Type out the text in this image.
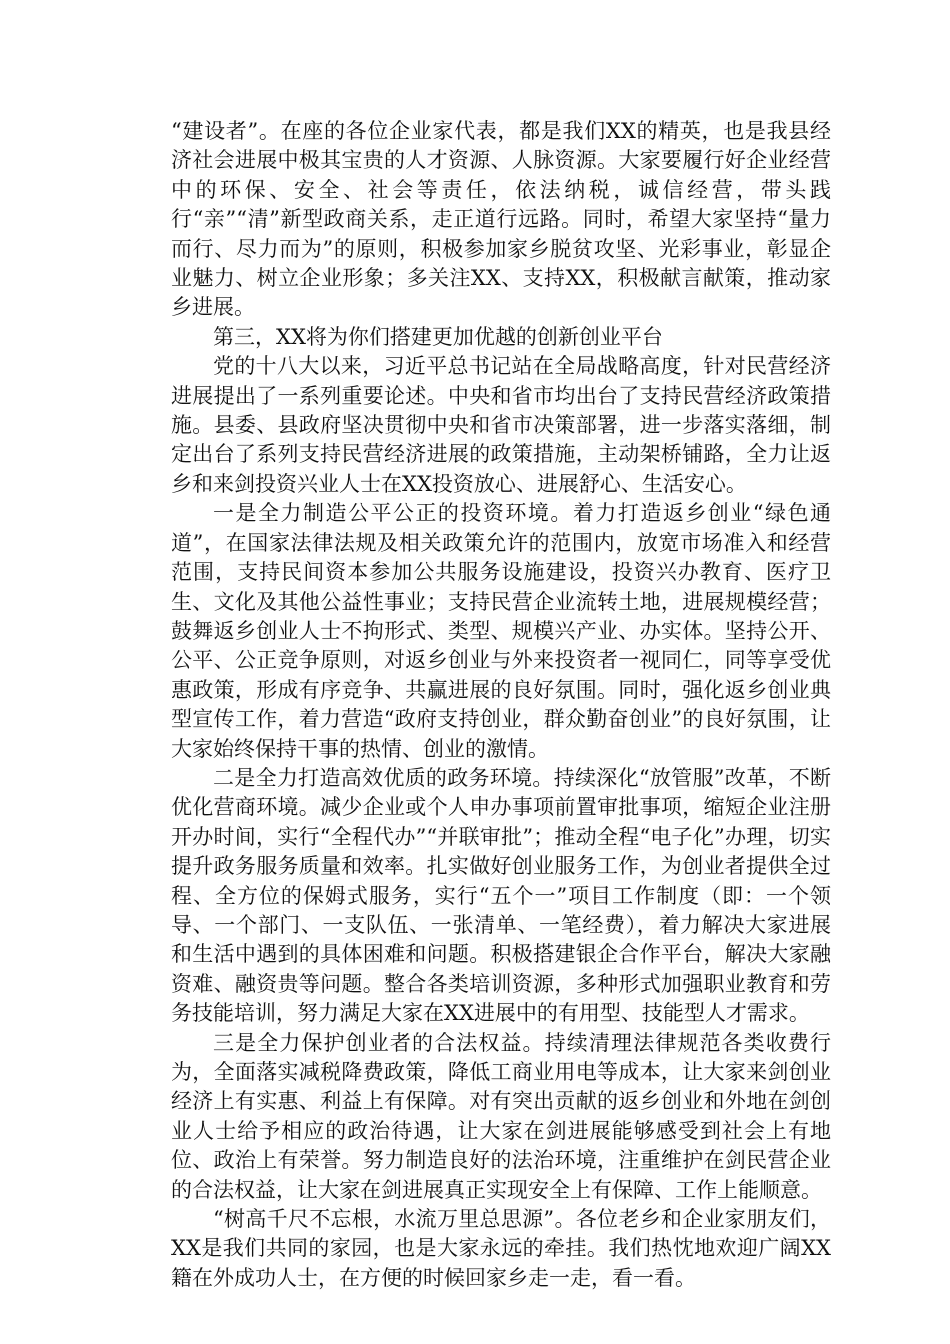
“建设者”。在座的各位企业家代表，都是我们XX的精英，也是我县经济社会进展中极其宝贵的人才资源、人脉资源。大家要履行好企业经营中的环保、安全、社会等责任，依法纳税，诚信经营，带头践行“亲”“清”新型政商关系，走正道行远路。同时，希望大家坚持“量力而行、尽力而为”的原则，积极参加家乡脱贫攻坚、光彩事业，彰显企业魅力、树立企业形象；多关注XX、支持XX，积极献言献策，推动家乡进展。

第三，XX将为你们搭建更加优越的创新创业平台

党的十八大以来，习近平总书记站在全局战略高度，针对民营经济进展提出了一系列重要论述。中央和省市均出台了支持民营经济政策措施。县委、县政府坚决贯彻中央和省市决策部署，进一步落实落细，制定出台了系列支持民营经济进展的政策措施，主动架桥铺路，全力让返乡和来剑投资兴业人士在XX投资放心、进展舒心、生活安心。

一是全力制造公平公正的投资环境。着力打造返乡创业“绿色通道”，在国家法律法规及相关政策允许的范围内，放宽市场准入和经营范围，支持民间资本参加公共服务设施建设，投资兴办教育、医疗卫生、文化及其他公益性事业；支持民营企业流转土地，进展规模经营；鼓舞返乡创业人士不拘形式、类型、规模兴产业、办实体。坚持公开、公平、公正竞争原则，对返乡创业与外来投资者一视同仁，同等享受优惠政策，形成有序竞争、共赢进展的良好氛围。同时，强化返乡创业典型宣传工作，着力营造“政府支持创业，群众勤奋创业”的良好氛围，让大家始终保持干事的热情、创业的激情。

二是全力打造高效优质的政务环境。持续深化“放管服”改革，不断优化营商环境。减少企业或个人申办事项前置审批事项，缩短企业注册开办时间，实行“全程代办”“并联审批”；推动全程“电子化”办理，切实提升政务服务质量和效率。扎实做好创业服务工作，为创业者提供全过程、全方位的保姆式服务，实行“五个一”项目工作制度（即：一个领导、一个部门、一支队伍、一张清单、一笔经费），着力解决大家进展和生活中遇到的具体困难和问题。积极搭建银企合作平台，解决大家融资难、融资贵等问题。整合各类培训资源，多种形式加强职业教育和劳务技能培训，努力满足大家在XX进展中的有用型、技能型人才需求。

三是全力保护创业者的合法权益。持续清理法律规范各类收费行为，全面落实减税降费政策，降低工商业用电等成本，让大家来剑创业经济上有实惠、利益上有保障。对有突出贡献的返乡创业和外地在剑创业人士给予相应的政治待遇，让大家在剑进展能够感受到社会上有地位、政治上有荣誉。努力制造良好的法治环境，注重维护在剑民营企业的合法权益，让大家在剑进展真正实现安全上有保障、工作上能顺意。

“树高千尺不忘根，水流万里总思源”。各位老乡和企业家朋友们，XX是我们共同的家园，也是大家永远的牵挂。我们热忱地欢迎广阔XX籍在外成功人士，在方便的时候回家乡走一走，看一看。
